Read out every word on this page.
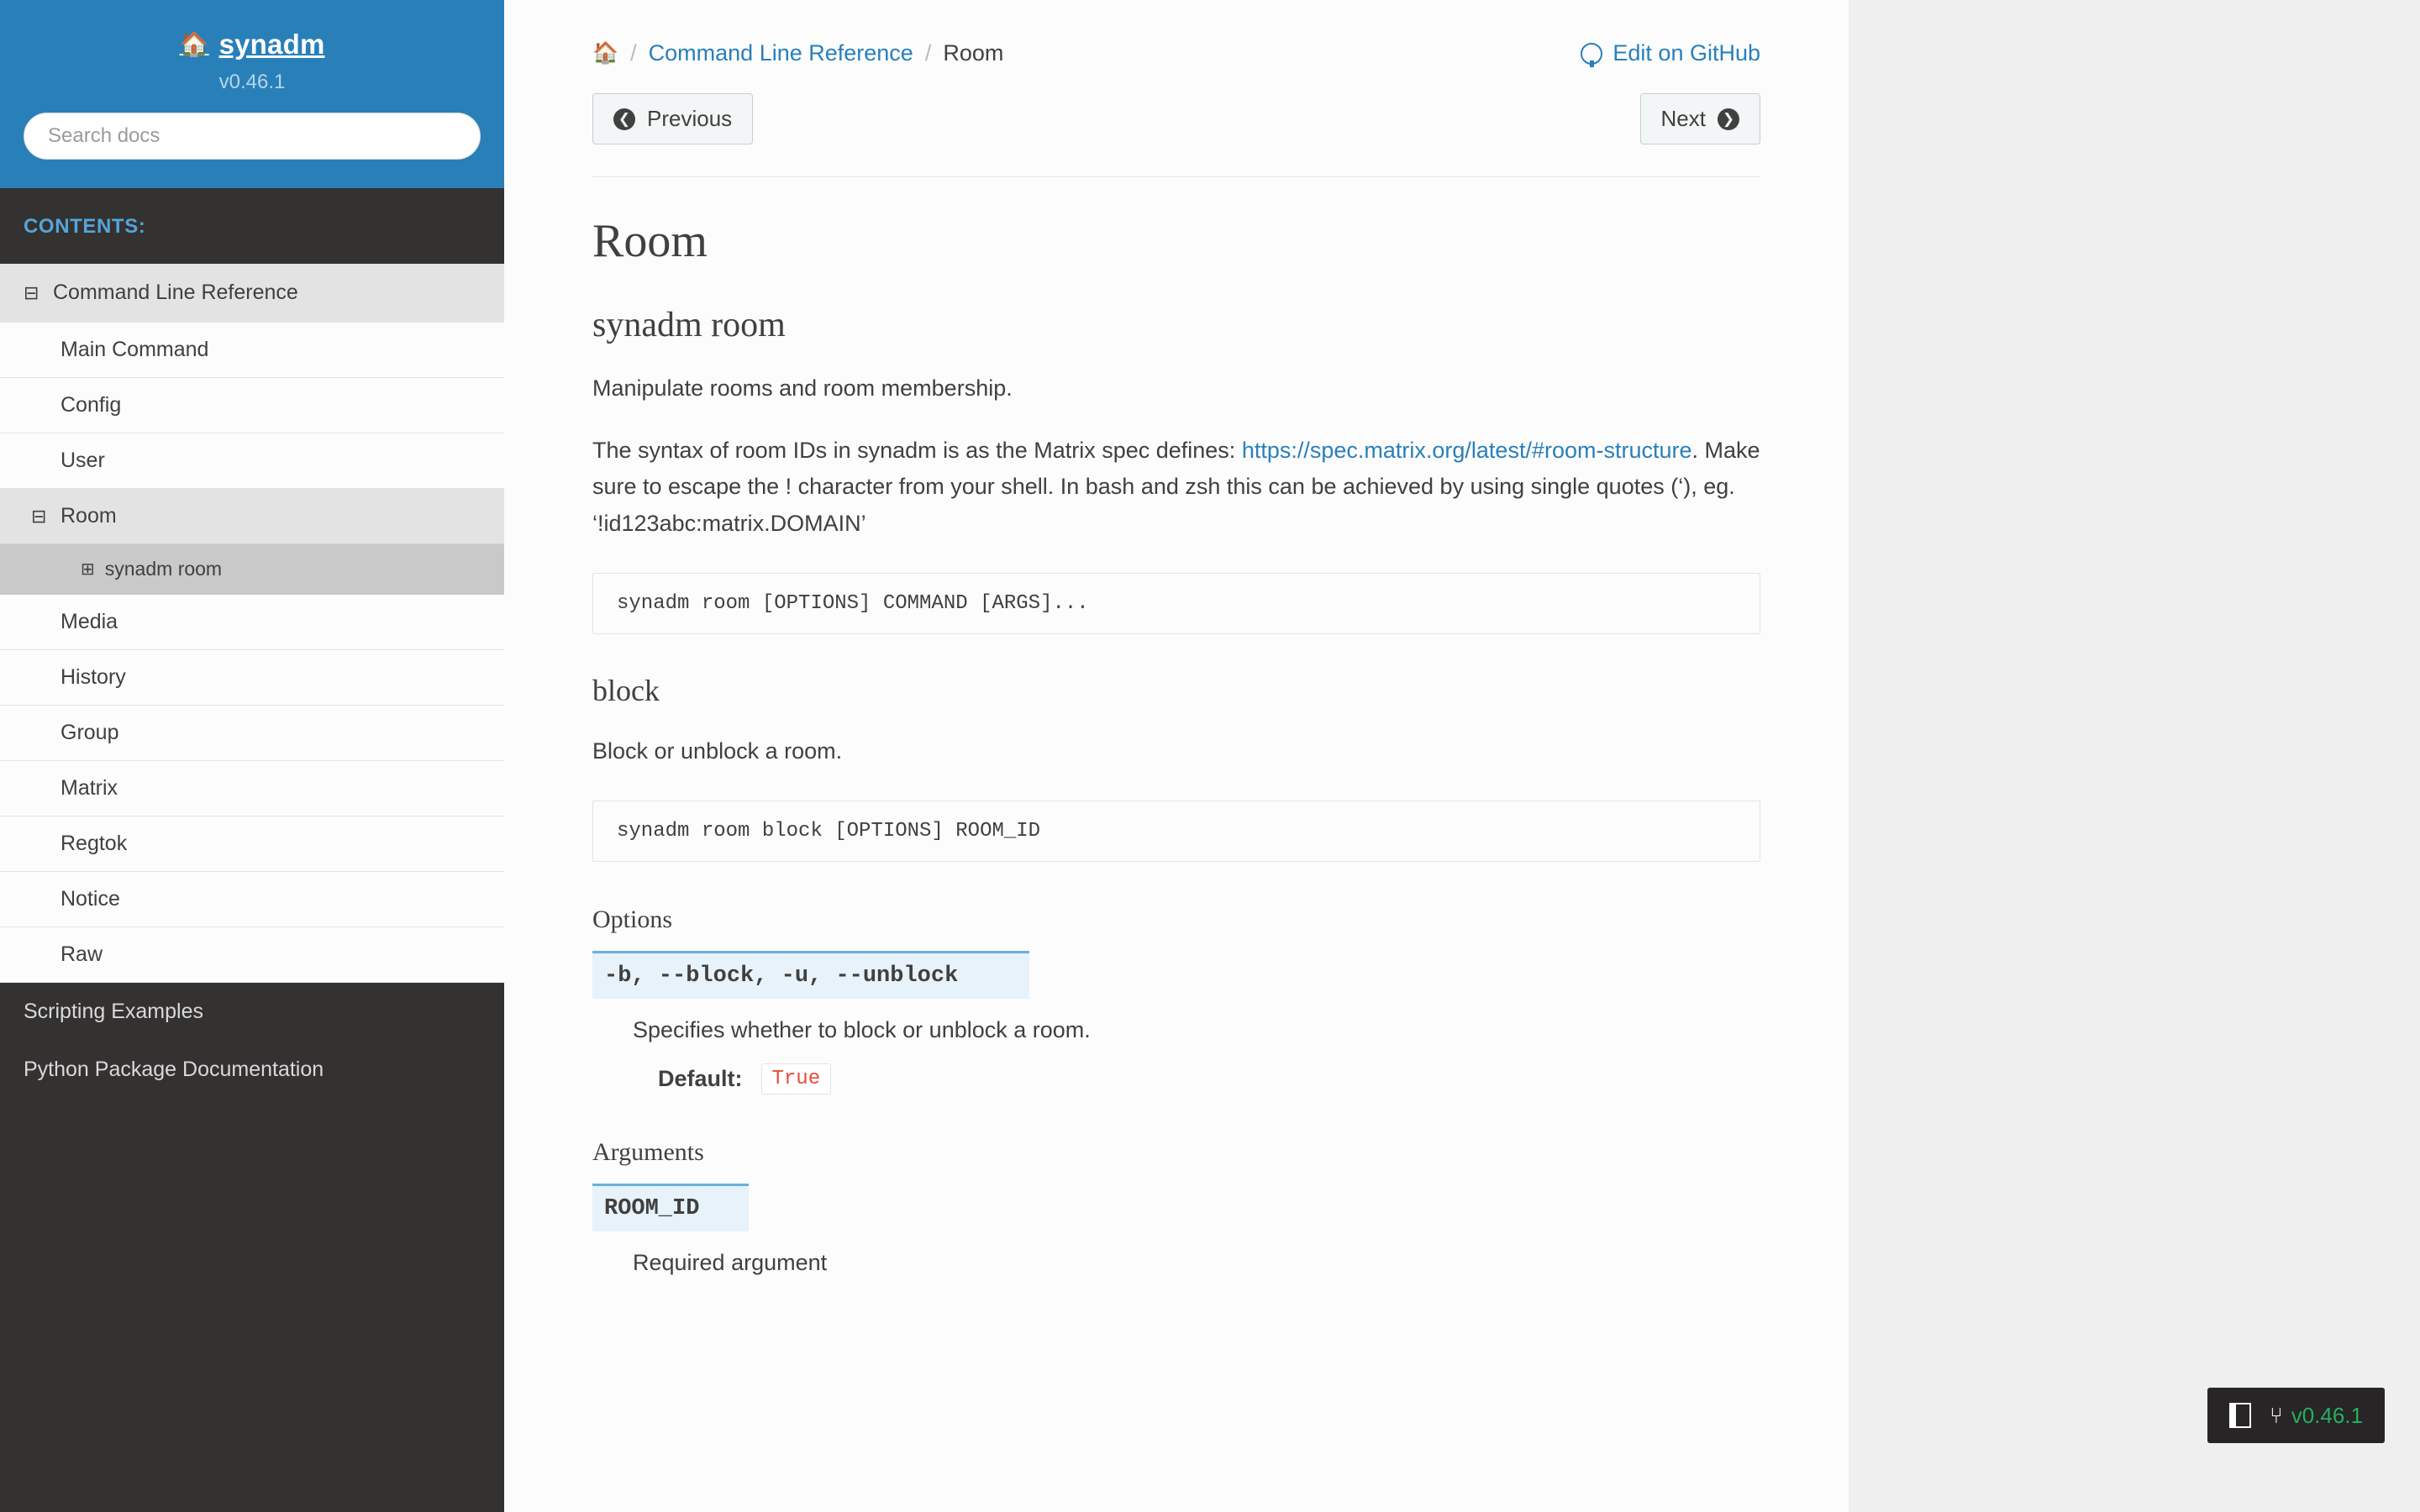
🏠 synadm
v0.46.1
Search docs
CONTENTS:
⊟ Command Line Reference
Main Command
Config
User
⊟ Room
⊞ synadm room
Media
History
Group
Matrix
Regtok
Notice
Raw
Scripting Examples
Python Package Documentation
🏠 / Command Line Reference / Room	Edit on GitHub
❮ Previous	Next	❯
Room
synadm room

Manipulate rooms and room membership.

The syntax of room IDs in synadm is as the Matrix spec defines: https://spec.matrix.org/latest/#room-structure. Make sure to escape the ! character from your shell. In bash and zsh this can be achieved by using single quotes (‘), eg. ‘!id123abc:matrix.DOMAIN’

synadm room [OPTIONS] COMMAND [ARGS]...
block

Block or unblock a room.

synadm room block [OPTIONS] ROOM_ID
Options
-b, --block, -u, --unblock
Specifies whether to block or unblock a room.
Default:	True
Arguments
ROOM_ID
Required argument
⑂ v0.46.1
